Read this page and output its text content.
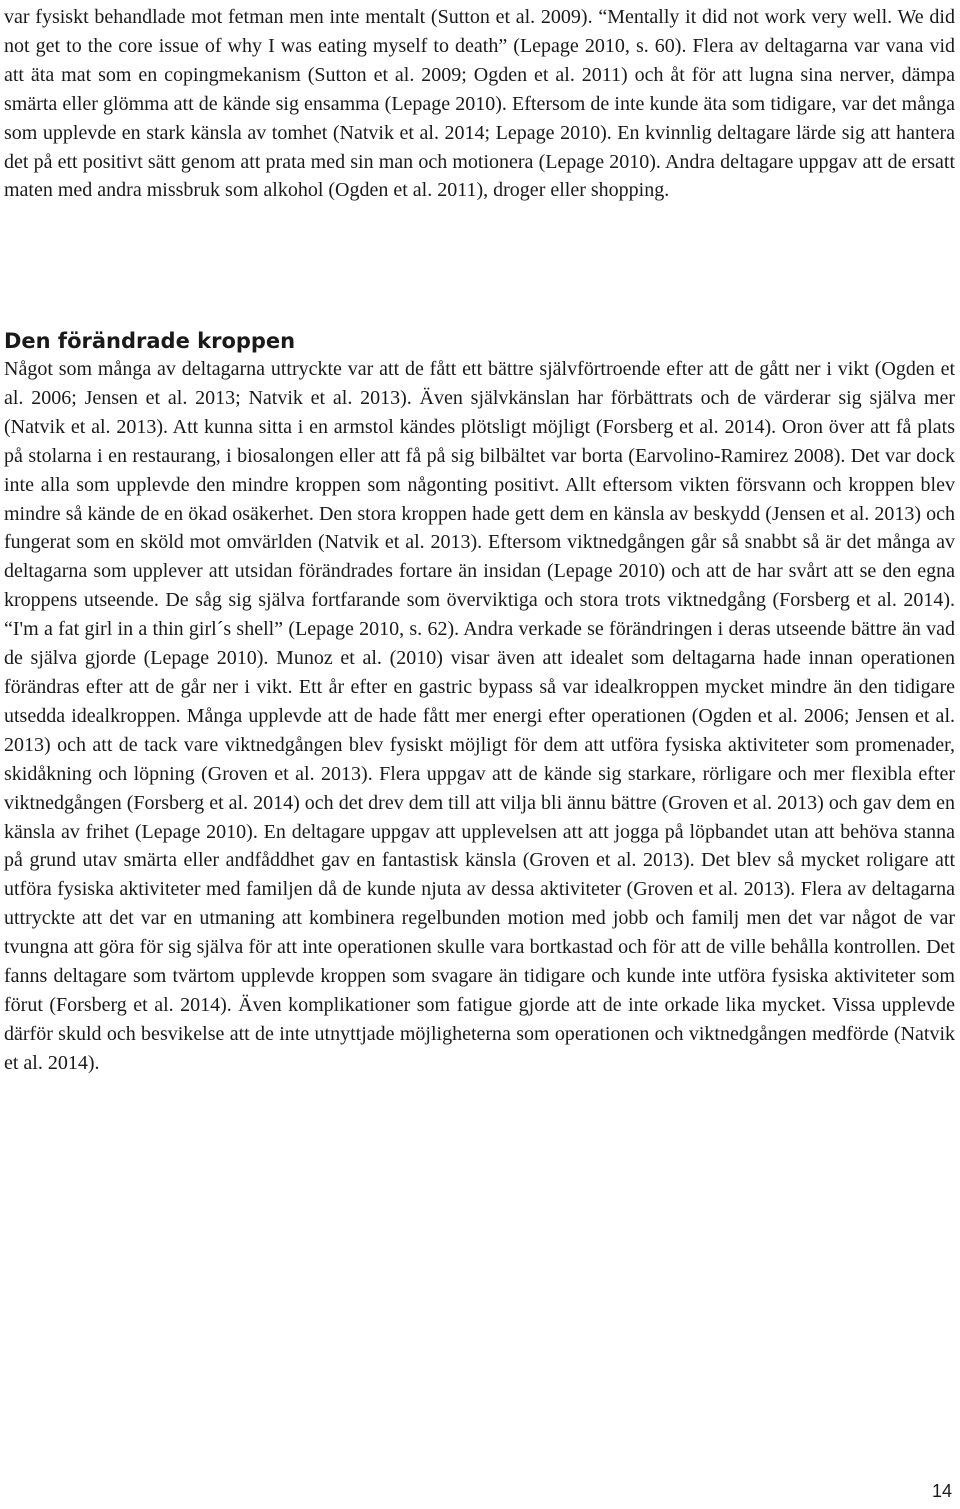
var fysiskt behandlade mot fetman men inte mentalt (Sutton et al. 2009). “Mentally it did not work very well. We did not get to the core issue of why I was eating myself to death” (Lepage 2010, s. 60). Flera av deltagarna var vana vid att äta mat som en copingmekanism (Sutton et al. 2009; Ogden et al. 2011) och åt för att lugna sina nerver, dämpa smärta eller glömma att de kände sig ensamma (Lepage 2010). Eftersom de inte kunde äta som tidigare, var det många som upplevde en stark känsla av tomhet (Natvik et al. 2014; Lepage 2010). En kvinnlig deltagare lärde sig att hantera det på ett positivt sätt genom att prata med sin man och motionera (Lepage 2010). Andra deltagare uppgav att de ersatt maten med andra missbruk som alkohol (Ogden et al. 2011), droger eller shopping.

Den förändrade kroppen

Något som många av deltagarna uttryckte var att de fått ett bättre självförtroende efter att de gått ner i vikt (Ogden et al. 2006; Jensen et al. 2013; Natvik et al. 2013). Även självkänslan har förbättrats och de värderar sig själva mer (Natvik et al. 2013). Att kunna sitta i en armstol kändes plötsligt möjligt (Forsberg et al. 2014). Oron över att få plats på stolarna i en restaurang, i biosalongen eller att få på sig bilbältet var borta (Earvolino-Ramirez 2008). Det var dock inte alla som upplevde den mindre kroppen som någonting positivt. Allt eftersom vikten försvann och kroppen blev mindre så kände de en ökad osäkerhet. Den stora kroppen hade gett dem en känsla av beskydd (Jensen et al. 2013) och fungerat som en sköld mot omvärlden (Natvik et al. 2013). Eftersom viktnedgången går så snabbt så är det många av deltagarna som upplever att utsidan förändrades fortare än insidan (Lepage 2010) och att de har svårt att se den egna kroppens utseende. De såg sig själva fortfarande som överviktiga och stora trots viktnedgång (Forsberg et al. 2014). “I'm a fat girl in a thin girl´s shell” (Lepage 2010, s. 62). Andra verkade se förändringen i deras utseende bättre än vad de själva gjorde (Lepage 2010). Munoz et al. (2010) visar även att idealet som deltagarna hade innan operationen förändras efter att de går ner i vikt. Ett år efter en gastric bypass så var idealkroppen mycket mindre än den tidigare utsedda idealkroppen. Många upplevde att de hade fått mer energi efter operationen (Ogden et al. 2006; Jensen et al. 2013) och att de tack vare viktnedgången blev fysiskt möjligt för dem att utföra fysiska aktiviteter som promenader, skidåkning och löpning (Groven et al. 2013). Flera uppgav att de kände sig starkare, rörligare och mer flexibla efter viktnedgången (Forsberg et al. 2014) och det drev dem till att vilja bli ännu bättre (Groven et al. 2013) och gav dem en känsla av frihet (Lepage 2010). En deltagare uppgav att upplevelsen att att jogga på löpbandet utan att behöva stanna på grund utav smärta eller andfåddhet gav en fantastisk känsla (Groven et al. 2013). Det blev så mycket roligare att utföra fysiska aktiviteter med familjen då de kunde njuta av dessa aktiviteter (Groven et al. 2013). Flera av deltagarna uttryckte att det var en utmaning att kombinera regelbunden motion med jobb och familj men det var något de var tvungna att göra för sig själva för att inte operationen skulle vara bortkastad och för att de ville behålla kontrollen. Det fanns deltagare som tvärtom upplevde kroppen som svagare än tidigare och kunde inte utföra fysiska aktiviteter som förut (Forsberg et al. 2014). Även komplikationer som fatigue gjorde att de inte orkade lika mycket. Vissa upplevde därför skuld och besvikelse att de inte utnyttjade möjligheterna som operationen och viktnedgången medförde (Natvik et al. 2014).

14
